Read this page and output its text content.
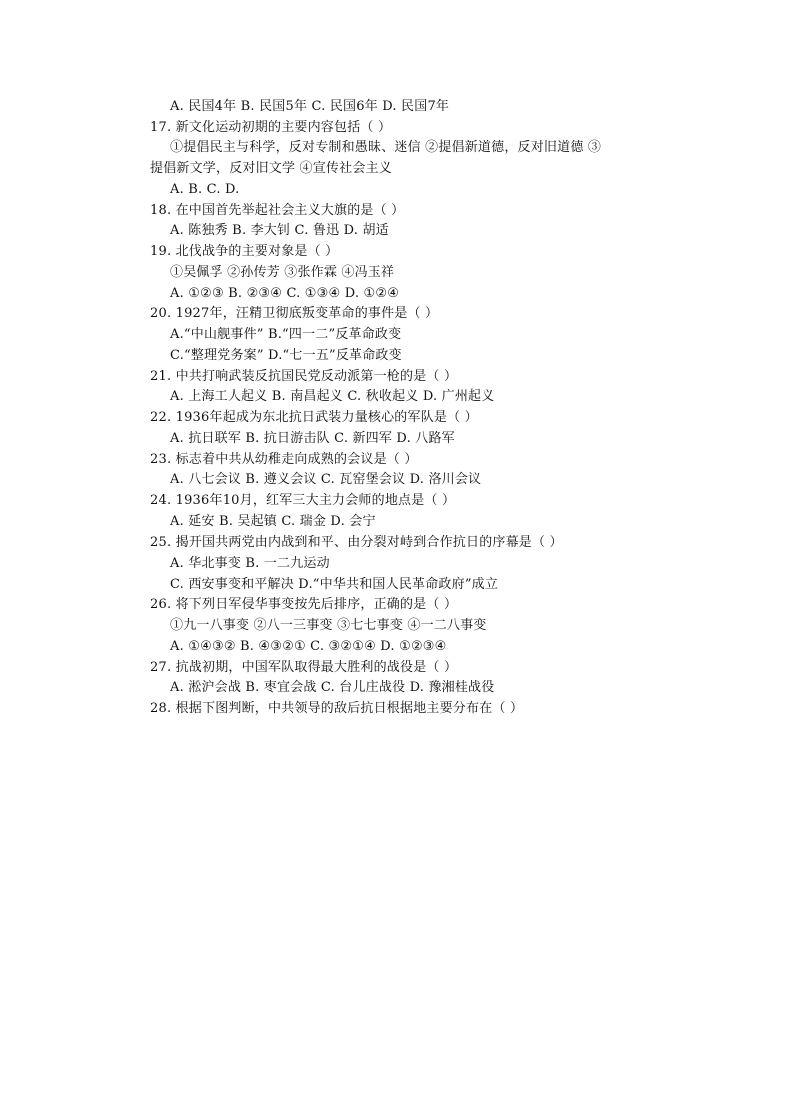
A. 民国4年 B. 民国5年 C. 民国6年 D. 民国7年
17. 新文化运动初期的主要内容包括（ ）
①提倡民主与科学，反对专制和愚昧、迷信 ②提倡新道德，反对旧道德 ③
提倡新文学，反对旧文学 ④宣传社会主义
A. B. C. D.
18. 在中国首先举起社会主义大旗的是（ ）
A. 陈独秀 B. 李大钊 C. 鲁迅 D. 胡适
19. 北伐战争的主要对象是（ ）
①吴佩孚 ②孙传芳 ③张作霖 ④冯玉祥
A. ①②③ B. ②③④ C. ①③④ D. ①②④
20. 1927年，汪精卫彻底叛变革命的事件是（ ）
A.“中山舰事件” B.“四一二”反革命政变
C.“整理党务案” D.“七一五”反革命政变
21. 中共打响武装反抗国民党反动派第一枪的是（ ）
A. 上海工人起义 B. 南昌起义 C. 秋收起义 D. 广州起义
22. 1936年起成为东北抗日武装力量核心的军队是（ ）
A. 抗日联军 B. 抗日游击队 C. 新四军 D. 八路军
23. 标志着中共从幼稚走向成熟的会议是（ ）
A. 八七会议 B. 遵义会议 C. 瓦窑堡会议 D. 洛川会议
24. 1936年10月，红军三大主力会师的地点是（ ）
A. 延安 B. 吴起镇 C. 瑞金 D. 会宁
25. 揭开国共两党由内战到和平、由分裂对峙到合作抗日的序幕是（ ）
A. 华北事变 B. 一二九运动
C. 西安事变和平解决 D.“中华共和国人民革命政府”成立
26. 将下列日军侵华事变按先后排序，正确的是（ ）
①九一八事变 ②八一三事变 ③七七事变 ④一二八事变
A. ①④③② B. ④③②① C. ③②①④ D. ①②③④
27. 抗战初期，中国军队取得最大胜利的战役是（ ）
A. 淞沪会战 B. 枣宜会战 C. 台儿庄战役 D. 豫湘桂战役
28. 根据下图判断，中共领导的敌后抗日根据地主要分布在（ ）
